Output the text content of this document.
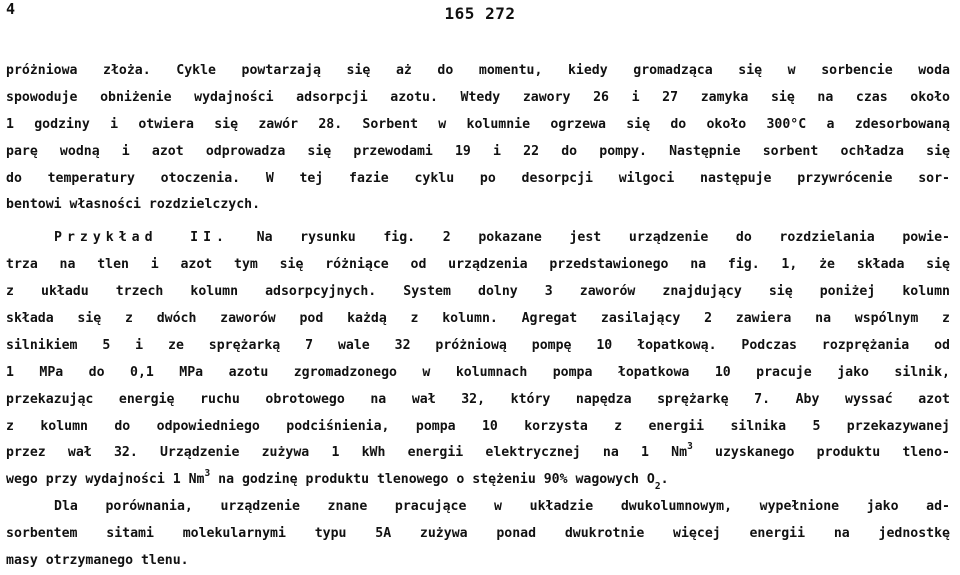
4	165 272
próżniowa złoża. Cykle powtarzają się aż do momentu, kiedy gromadząca się w sorbencie woda
spowoduje obniżenie wydajności adsorpcji azotu. Wtedy zawory 26 i 27 zamyka się na czas około
1 godziny i otwiera się zawór 28. Sorbent w kolumnie ogrzewa się do około 300°C a zdesorbowaną
parę wodną i azot odprowadza się przewodami 19 i 22 do pompy. Następnie sorbent ochładza się
do temperatury otoczenia. W tej fazie cyklu po desorpcji wilgoci następuje przywrócenie sor-
bentowi własności rozdzielczych.
Przykład II. Na rysunku fig. 2 pokazane jest urządzenie do rozdzielania powie-
trza na tlen i azot tym się różniące od urządzenia przedstawionego na fig. 1, że składa się
z układu trzech kolumn adsorpcyjnych. System dolny 3 zaworów znajdujący się poniżej kolumn
składa się z dwóch zaworów pod każdą z kolumn. Agregat zasilający 2 zawiera na wspólnym z
silnikiem 5 i ze sprężarką 7 wale 32 próżniową pompę 10 łopatkową. Podczas rozprężania od
1 MPa do 0,1 MPa azotu zgromadzonego w kolumnach pompa łopatkowa 10 pracuje jako silnik,
przekazując energię ruchu obrotowego na wał 32, który napędza sprężarkę 7. Aby wyssać azot
z kolumn do odpowiedniego podciśnienia, pompa 10 korzysta z energii silnika 5 przekazywanej
przez wał 32. Urządzenie zużywa 1 kWh energii elektrycznej na 1 Nm$^3$ uzyskanego produktu tleno-
wego przy wydajności 1 Nm$^3$ na godzinę produktu tlenowego o stężeniu 90% wagowych $O_2$.
Dla porównania, urządzenie znane pracujące w układzie dwukolumnowym, wypełnione jako ad-
sorbentem sitami molekularnymi typu 5A zużywa ponad dwukrotnie więcej energii na jednostkę
masy otrzymanego tlenu.
